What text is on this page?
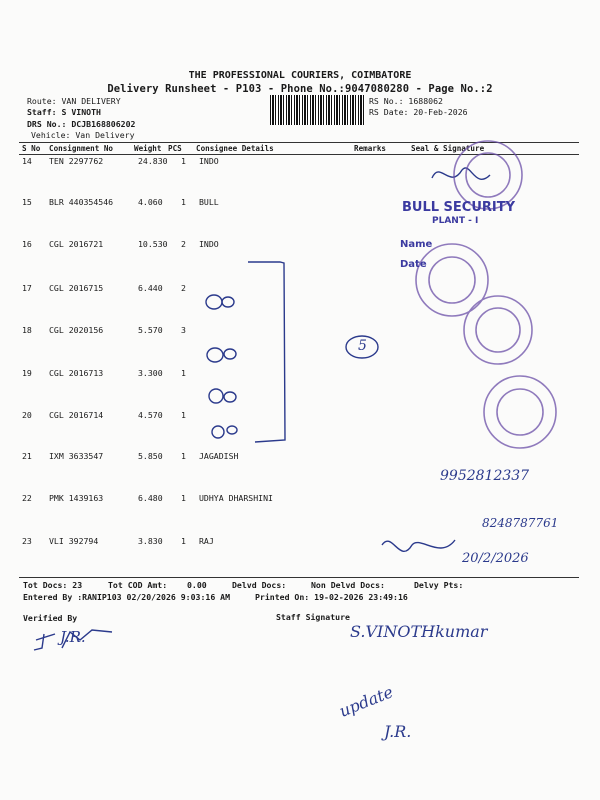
THE PROFESSIONAL COURIERS, COIMBATORE
Delivery Runsheet - P103 - Phone No.:9047080280 - Page No.:2
Route: VAN DELIVERY
Staff: S VINOTH
DRS No.: DCJB168806202
Vehicle: Van Delivery
RS No.: 1688062
RS Date: 20-Feb-2026
S No Consignment No	Weight PCS Consignee Details	Remarks	Seal & Signature
14 TEN 2297762	24.830 1 INDO
15 BLR 440354546	4.060 1 BULL
16 CGL 2016721	10.530 2 INDO
17 CGL 2016715	6.440 2
18 CGL 2020156	5.570 3
19 CGL 2016713	3.300 1
20 CGL 2016714	4.570 1
21 IXM 3633547	5.850 1 JAGADISH
22 PMK 1439163	6.480 1 UDHYA DHARSHINI
23 VLI 392794	3.830 1 RAJ
Tot Docs: 23	Tot COD Amt: 0.00	Delvd Docs:	Non Delvd Docs:	Delvy Pts:
Entered By :RANIP103 02/20/2026 9:03:16 AM	Printed On: 19-02-2026 23:49:16
Verified By	Staff Signature
BULL SECURITY
PLANT - I
Name
Date
5
9952812337
8248787761
20/2/2026
J.R.	S.VINOTHkumar
update
J.R.
